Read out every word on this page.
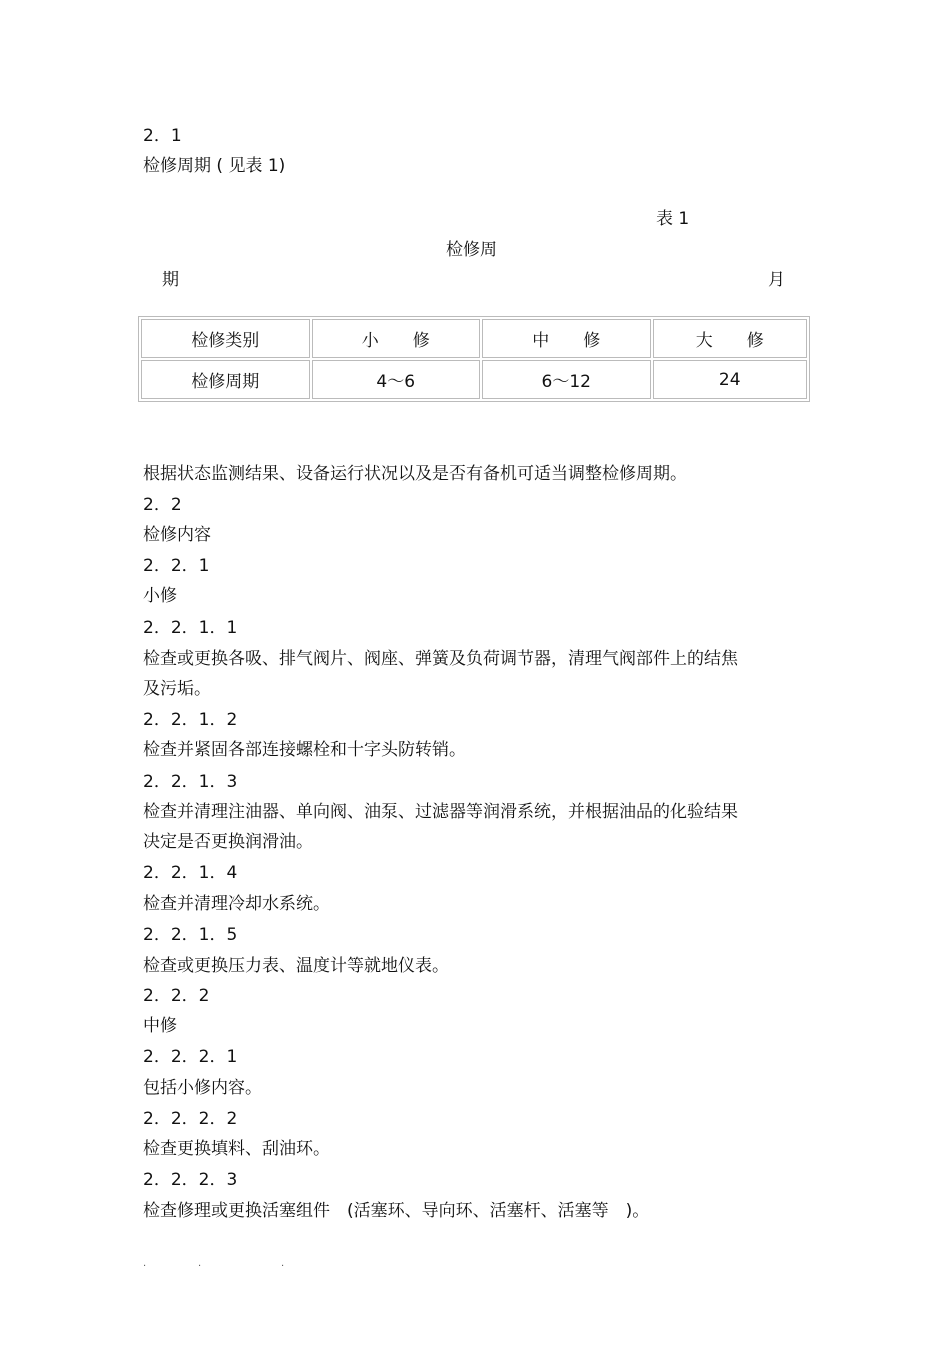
2．1
检修周期 ( 见表 1)
表 1
检修周
期	月
检修类别	小　　修	中　　修	大　　修
检修周期	4～6	6～12	24
根据状态监测结果、设备运行状况以及是否有备机可适当调整检修周期。
2．2
检修内容
2．2．1
小修
2．2．1．1
检查或更换各吸、排气阀片、阀座、弹簧及负荷调节器，清理气阀部件上的结焦
及污垢。
2．2．1．2
检查并紧固各部连接螺栓和十字头防转销。
2．2．1．3
检查并清理注油器、单向阀、油泵、过滤器等润滑系统，并根据油品的化验结果
决定是否更换润滑油。
2．2．1．4
检查并清理冷却水系统。
2．2．1．5
检查或更换压力表、温度计等就地仪表。
2．2．2
中修
2．2．2．1
包括小修内容。
2．2．2．2
检查更换填料、刮油环。
2．2．2．3
检查修理或更换活塞组件　(活塞环、导向环、活塞杆、活塞等　)。
.	.	.
